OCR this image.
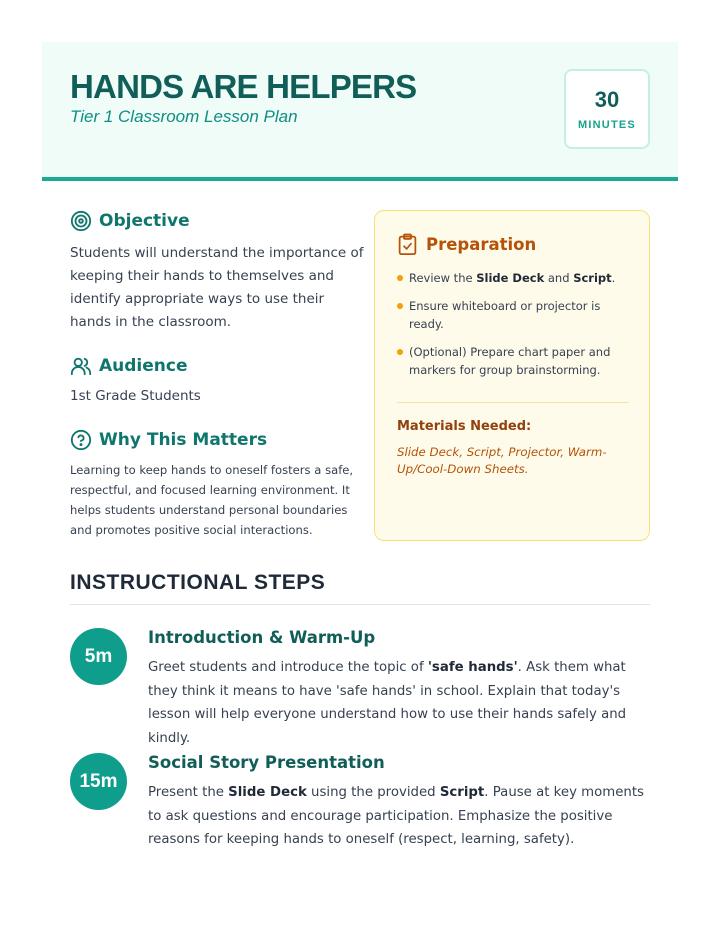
HANDS ARE HELPERS
Tier 1 Classroom Lesson Plan
30
MINUTES
Objective
Students will understand the importance of
keeping their hands to themselves and
identify appropriate ways to use their
hands in the classroom.
Audience
1st Grade Students
Why This Matters
Learning to keep hands to oneself fosters a safe,
respectful, and focused learning environment. It
helps students understand personal boundaries
and promotes positive social interactions.
Preparation
Review the Slide Deck and Script.
Ensure whiteboard or projector is ready.
(Optional) Prepare chart paper and markers for group brainstorming.
Materials Needed:
Slide Deck, Script, Projector, Warm-Up/Cool-Down Sheets.
INSTRUCTIONAL STEPS
5m
Introduction & Warm-Up

Greet students and introduce the topic of 'safe hands'. Ask them what they think it means to have 'safe hands' in school. Explain that today's lesson will help everyone understand how to use their hands safely and kindly.

15m
Social Story Presentation

Present the Slide Deck using the provided Script. Pause at key moments to ask questions and encourage participation. Emphasize the positive reasons for keeping hands to oneself (respect, learning, safety).
